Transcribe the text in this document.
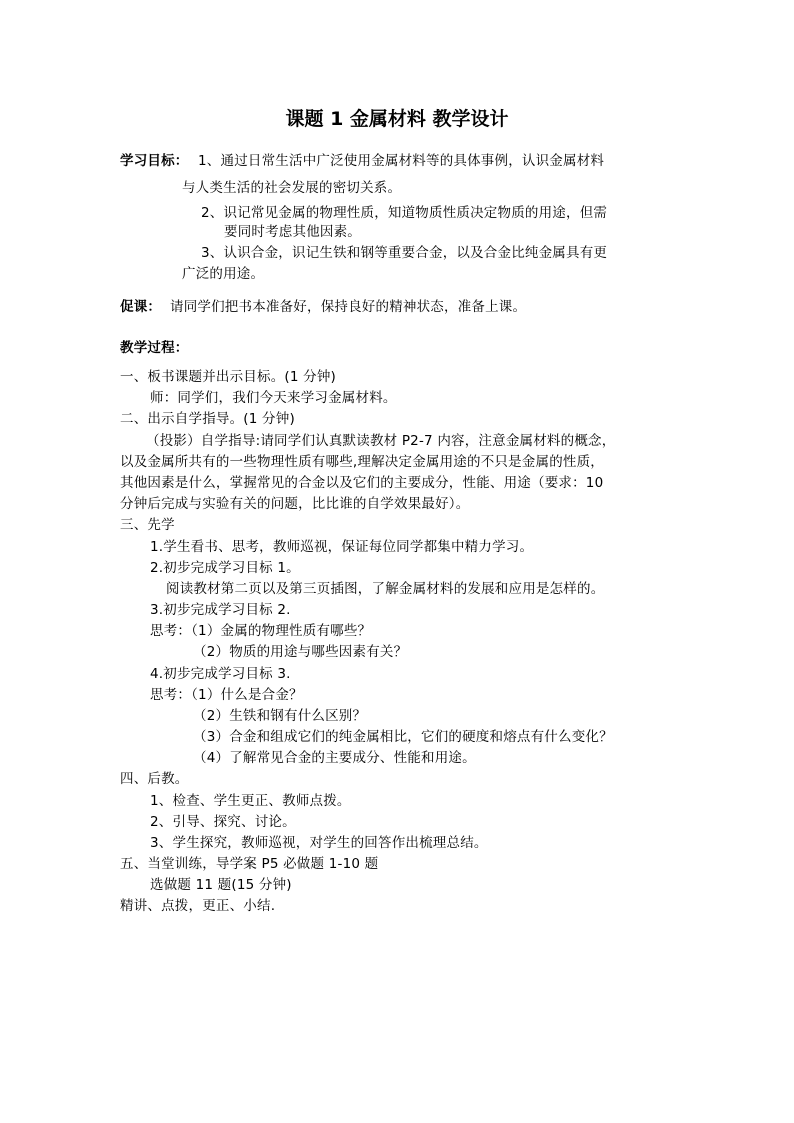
课题 1 金属材料 教学设计
学习目标： 1、通过日常生活中广泛使用金属材料等的具体事例，认识金属材料
与人类生活的社会发展的密切关系。
2、识记常见金属的物理性质，知道物质性质决定物质的用途，但需
要同时考虑其他因素。
3、认识合金，识记生铁和钢等重要合金，以及合金比纯金属具有更
广泛的用途。
促课： 请同学们把书本准备好，保持良好的精神状态，准备上课。
教学过程：
一、板书课题并出示目标。(1 分钟)
师：同学们，我们今天来学习金属材料。
二、出示自学指导。(1 分钟)
（投影）自学指导:请同学们认真默读教材 P2-7 内容，注意金属材料的概念，
以及金属所共有的一些物理性质有哪些,理解决定金属用途的不只是金属的性质，
其他因素是什么，掌握常见的合金以及它们的主要成分，性能、用途（要求：10
分钟后完成与实验有关的问题，比比谁的自学效果最好）。
三、先学
1.学生看书、思考，教师巡视，保证每位同学都集中精力学习。
2.初步完成学习目标 1。
阅读教材第二页以及第三页插图，了解金属材料的发展和应用是怎样的。
3.初步完成学习目标 2.
思考：（1）金属的物理性质有哪些？
（2）物质的用途与哪些因素有关？
4.初步完成学习目标 3.
思考：（1）什么是合金？
（2）生铁和钢有什么区别？
（3）合金和组成它们的纯金属相比，它们的硬度和熔点有什么变化？
（4）了解常见合金的主要成分、性能和用途。
四、后教。
1、检查、学生更正、教师点拨。
2、引导、探究、讨论。
3、学生探究，教师巡视，对学生的回答作出梳理总结。
五、当堂训练，导学案 P5 必做题 1-10 题
选做题 11 题(15 分钟)
精讲、点拨，更正、小结.
